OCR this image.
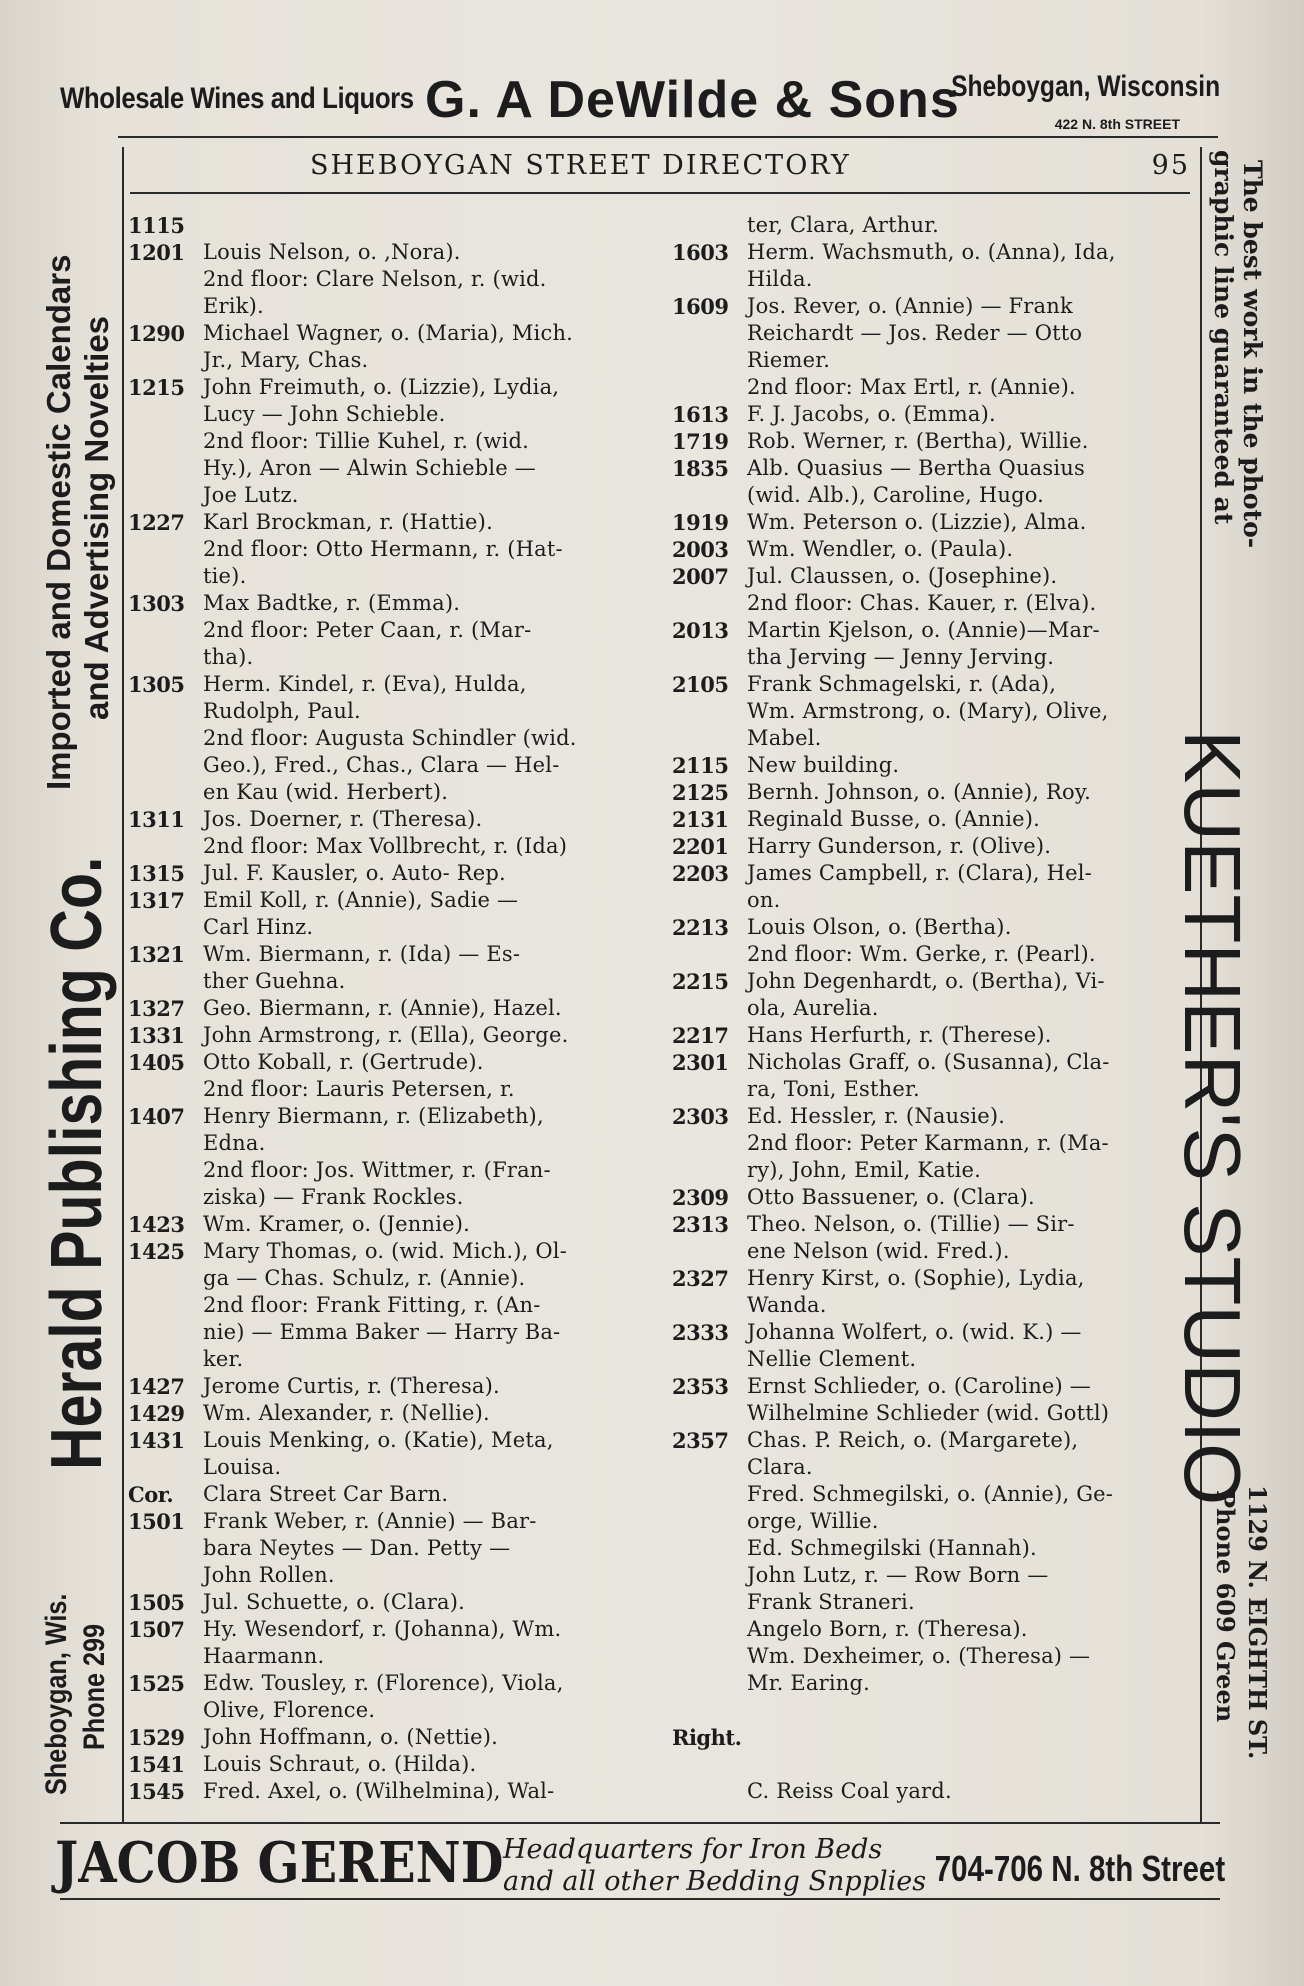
Wholesale Wines and Liquors G. A DeWilde & Sons
Sheboygan, Wisconsin
422 N. 8th STREET
SHEBOYGAN STREET DIRECTORY	95
1115
1201 Louis Nelson, o. ,Nora).
2nd floor: Clare Nelson, r. (wid.
Erik).
1290 Michael Wagner, o. (Maria), Mich.
Jr., Mary, Chas.
1215 John Freimuth, o. (Lizzie), Lydia,
Lucy — John Schieble.
2nd floor: Tillie Kuhel, r. (wid.
Hy.), Aron — Alwin Schieble —
Joe Lutz.
1227 Karl Brockman, r. (Hattie).
2nd floor: Otto Hermann, r. (Hat-
tie).
1303 Max Badtke, r. (Emma).
2nd floor: Peter Caan, r. (Mar-
tha).
1305 Herm. Kindel, r. (Eva), Hulda,
Rudolph, Paul.
2nd floor: Augusta Schindler (wid.
Geo.), Fred., Chas., Clara — Hel-
en Kau (wid. Herbert).
1311 Jos. Doerner, r. (Theresa).
2nd floor: Max Vollbrecht, r. (Ida)
1315 Jul. F. Kausler, o. Auto- Rep.
1317 Emil Koll, r. (Annie), Sadie —
Carl Hinz.
1321 Wm. Biermann, r. (Ida) — Es-
ther Guehna.
1327 Geo. Biermann, r. (Annie), Hazel.
1331 John Armstrong, r. (Ella), George.
1405 Otto Koball, r. (Gertrude).
2nd floor: Lauris Petersen, r.
1407 Henry Biermann, r. (Elizabeth),
Edna.
2nd floor: Jos. Wittmer, r. (Fran-
ziska) — Frank Rockles.
1423 Wm. Kramer, o. (Jennie).
1425 Mary Thomas, o. (wid. Mich.), Ol-
ga — Chas. Schulz, r. (Annie).
2nd floor: Frank Fitting, r. (An-
nie) — Emma Baker — Harry Ba-
ker.
1427 Jerome Curtis, r. (Theresa).
1429 Wm. Alexander, r. (Nellie).
1431 Louis Menking, o. (Katie), Meta,
Louisa.
Cor.	Clara Street Car Barn.
1501 Frank Weber, r. (Annie) — Bar-
bara Neytes — Dan. Petty —
John Rollen.
1505 Jul. Schuette, o. (Clara).
1507 Hy. Wesendorf, r. (Johanna), Wm.
Haarmann.
1525 Edw. Tousley, r. (Florence), Viola,
Olive, Florence.
1529 John Hoffmann, o. (Nettie).
1541 Louis Schraut, o. (Hilda).
1545 Fred. Axel, o. (Wilhelmina), Wal-
ter, Clara, Arthur.
1603 Herm. Wachsmuth, o. (Anna), Ida,
Hilda.
1609 Jos. Rever, o. (Annie) — Frank
Reichardt — Jos. Reder — Otto
Riemer.
2nd floor: Max Ertl, r. (Annie).
1613 F. J. Jacobs, o. (Emma).
1719 Rob. Werner, r. (Bertha), Willie.
1835 Alb. Quasius — Bertha Quasius
(wid. Alb.), Caroline, Hugo.
1919 Wm. Peterson o. (Lizzie), Alma.
2003 Wm. Wendler, o. (Paula).
2007 Jul. Claussen, o. (Josephine).
2nd floor: Chas. Kauer, r. (Elva).
2013 Martin Kjelson, o. (Annie)—Mar-
tha Jerving — Jenny Jerving.
2105 Frank Schmagelski, r. (Ada),
Wm. Armstrong, o. (Mary), Olive,
Mabel.
2115 New building.
2125 Bernh. Johnson, o. (Annie), Roy.
2131 Reginald Busse, o. (Annie).
2201 Harry Gunderson, r. (Olive).
2203 James Campbell, r. (Clara), Hel-
on.
2213 Louis Olson, o. (Bertha).
2nd floor: Wm. Gerke, r. (Pearl).
2215 John Degenhardt, o. (Bertha), Vi-
ola, Aurelia.
2217 Hans Herfurth, r. (Therese).
2301 Nicholas Graff, o. (Susanna), Cla-
ra, Toni, Esther.
2303 Ed. Hessler, r. (Nausie).
2nd floor: Peter Karmann, r. (Ma-
ry), John, Emil, Katie.
2309 Otto Bassuener, o. (Clara).
2313 Theo. Nelson, o. (Tillie) — Sir-
ene Nelson (wid. Fred.).
2327 Henry Kirst, o. (Sophie), Lydia,
Wanda.
2333 Johanna Wolfert, o. (wid. K.) —
Nellie Clement.
2353 Ernst Schlieder, o. (Caroline) —
Wilhelmine Schlieder (wid. Gottl)
2357 Chas. P. Reich, o. (Margarete),
Clara.
Fred. Schmegilski, o. (Annie), Ge-
orge, Willie.
Ed. Schmegilski (Hannah).
John Lutz, r. — Row Born —
Frank Straneri.
Angelo Born, r. (Theresa).
Wm. Dexheimer, o. (Theresa) —
Mr. Earing.
Right.
C. Reiss Coal yard.
Imported and Domestic Calendars and Advertising Novelties
Herald Publishing Co.
Sheboygan, Wis. Phone 299
The best work in the photo-
graphic line guaranteed at
KUETHER'S STUDIO
1129 N. EIGHTH ST.
Phone 609 Green
JACOB GEREND Headquarters for Iron Beds
and all other Bedding Snpplies 704-706 N. 8th Street
